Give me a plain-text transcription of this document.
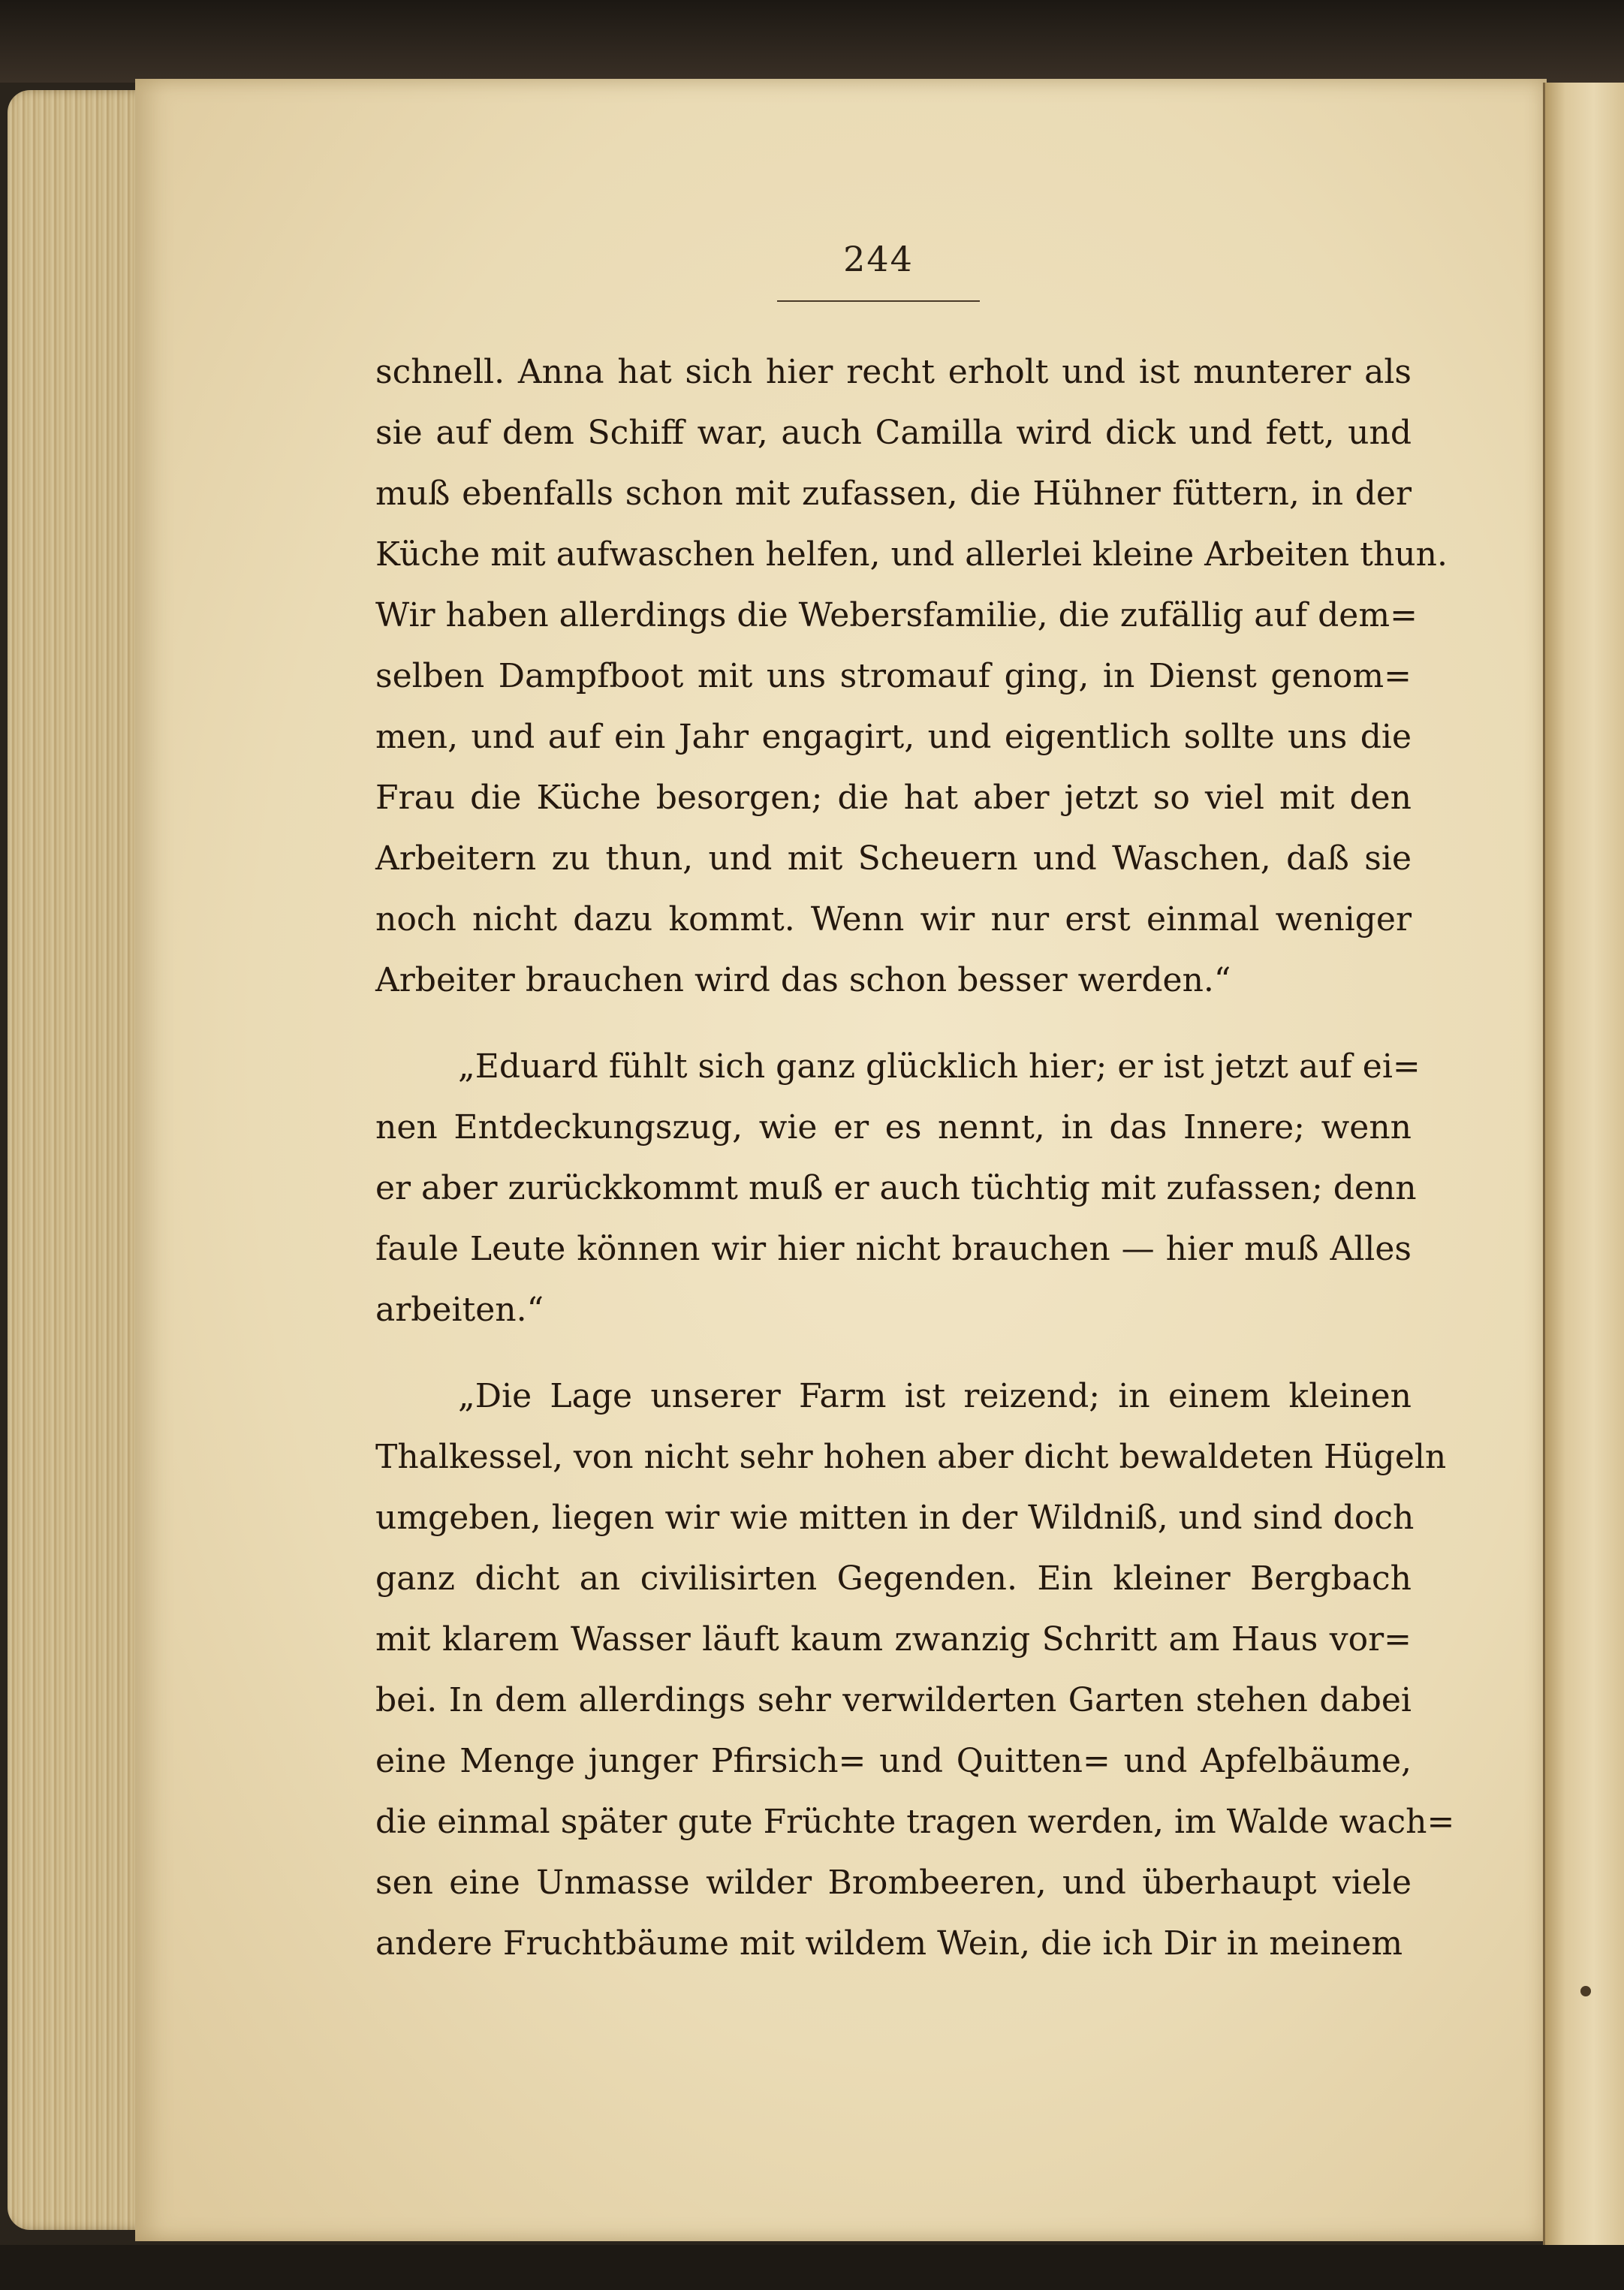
244
schnell. Anna hat sich hier recht erholt und ist munterer als
sie auf dem Schiff war, auch Camilla wird dick und fett, und
muß ebenfalls schon mit zufassen, die Hühner füttern, in der
Küche mit aufwaschen helfen, und allerlei kleine Arbeiten thun.
Wir haben allerdings die Webersfamilie, die zufällig auf dem=
selben Dampfboot mit uns stromauf ging, in Dienst genom=
men, und auf ein Jahr engagirt, und eigentlich sollte uns die
Frau die Küche besorgen; die hat aber jetzt so viel mit den
Arbeitern zu thun, und mit Scheuern und Waschen, daß sie
noch nicht dazu kommt. Wenn wir nur erst einmal weniger
Arbeiter brauchen wird das schon besser werden.“
„Eduard fühlt sich ganz glücklich hier; er ist jetzt auf ei=
nen Entdeckungszug, wie er es nennt, in das Innere; wenn
er aber zurückkommt muß er auch tüchtig mit zufassen; denn
faule Leute können wir hier nicht brauchen — hier muß Alles
arbeiten.“
„Die Lage unserer Farm ist reizend; in einem kleinen
Thalkessel, von nicht sehr hohen aber dicht bewaldeten Hügeln
umgeben, liegen wir wie mitten in der Wildniß, und sind doch
ganz dicht an civilisirten Gegenden. Ein kleiner Bergbach
mit klarem Wasser läuft kaum zwanzig Schritt am Haus vor=
bei. In dem allerdings sehr verwilderten Garten stehen dabei
eine Menge junger Pfirsich= und Quitten= und Apfelbäume,
die einmal später gute Früchte tragen werden, im Walde wach=
sen eine Unmasse wilder Brombeeren, und überhaupt viele
andere Fruchtbäume mit wildem Wein, die ich Dir in meinem
